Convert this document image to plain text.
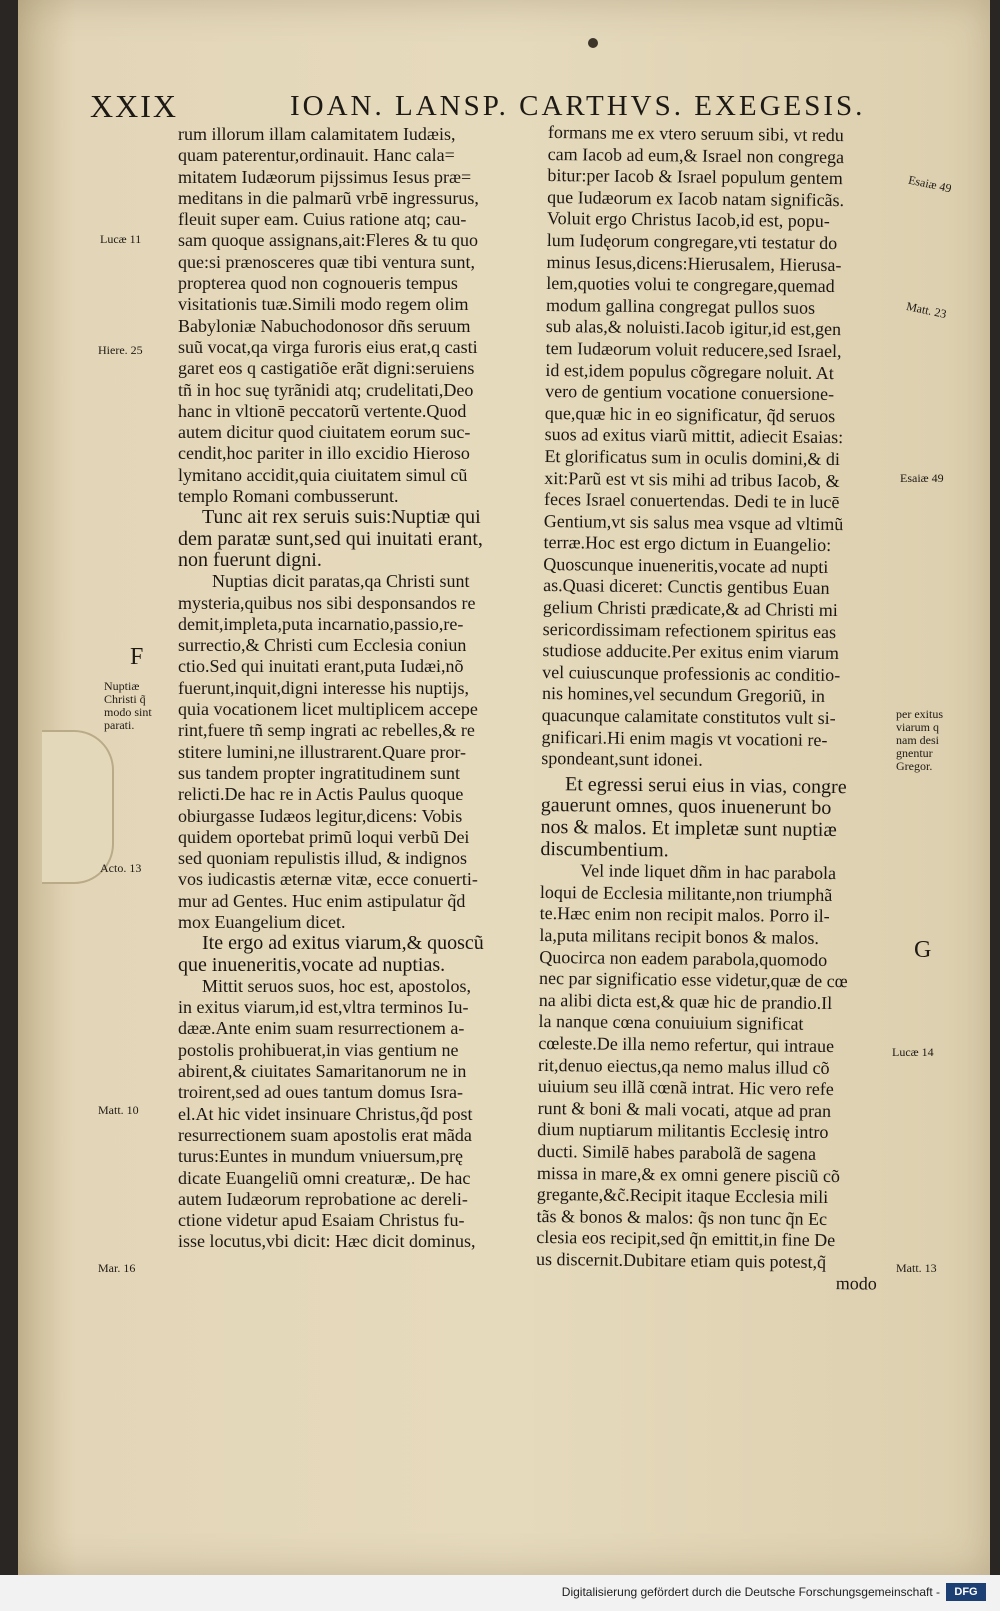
XXIX	IOAN. LANSP. CARTHVS. EXEGESIS.

rum illorum illam calamitatem Iudæis,

quam paterentur,ordinauit. Hanc cala=

mitatem Iudæorum pijssimus Iesus præ=

meditans in die palmarũ vrbē ingressurus,

fleuit super eam. Cuius ratione atq; cau-

sam quoque assignans,ait:Fleres & tu quo

que:si prænosceres quæ tibi ventura sunt,

propterea quod non cognoueris tempus

visitationis tuæ.Simili modo regem olim

Babyloniæ Nabuchodonosor dñs seruum

suũ vocat,qa virga furoris eius erat,q casti

garet eos q castigatiõe erãt digni:seruiens

tñ in hoc suę tyrãnidi atq; crudelitati,Deo

hanc in vltionē peccatorũ vertente.Quod

autem dicitur quod ciuitatem eorum suc-

cendit,hoc pariter in illo excidio Hieroso

lymitano accidit,quia ciuitatem simul cũ

templo Romani combusserunt.

Tunc ait rex seruis suis:Nuptiæ qui

dem paratæ sunt,sed qui inuitati erant,

non fuerunt digni.

Nuptias dicit paratas,qa Christi sunt

mysteria,quibus nos sibi desponsandos re

demit,impleta,puta incarnatio,passio,re-

surrectio,& Christi cum Ecclesia coniun

ctio.Sed qui inuitati erant,puta Iudæi,nõ

fuerunt,inquit,digni interesse his nuptijs,

quia vocationem licet multiplicem accepe

rint,fuere tñ semp ingrati ac rebelles,& re

stitere lumini,ne illustrarent.Quare pror-

sus tandem propter ingratitudinem sunt

relicti.De hac re in Actis Paulus quoque

obiurgasse Iudæos legitur,dicens: Vobis

quidem oportebat primũ loqui verbũ Dei

sed quoniam repulistis illud, & indignos

vos iudicastis æternæ vitæ, ecce conuerti-

mur ad Gentes. Huc enim astipulatur q̃d

mox Euangelium dicet.

Ite ergo ad exitus viarum,& quoscũ

que inueneritis,vocate ad nuptias.

Mittit seruos suos, hoc est, apostolos,

in exitus viarum,id est,vltra terminos Iu-

dææ.Ante enim suam resurrectionem a-

postolis prohibuerat,in vias gentium ne

abirent,& ciuitates Samaritanorum ne in

troirent,sed ad oues tantum domus Isra-

el.At hic videt insinuare Christus,q̃d post

resurrectionem suam apostolis erat mãda

turus:Euntes in mundum vniuersum,prę

dicate Euangeliũ omni creaturæ,. De hac

autem Iudæorum reprobatione ac dereli-

ctione videtur apud Esaiam Christus fu-

isse locutus,vbi dicit: Hæc dicit dominus,

formans me ex vtero seruum sibi, vt redu

cam Iacob ad eum,& Israel non congrega

bitur:per Iacob & Israel populum gentem

que Iudæorum ex Iacob natam significãs.

Voluit ergo Christus Iacob,id est, popu-

lum Iudęorum congregare,vti testatur do

minus Iesus,dicens:Hierusalem, Hierusa-

lem,quoties volui te congregare,quemad

modum gallina congregat pullos suos

sub alas,& noluisti.Iacob igitur,id est,gen

tem Iudæorum voluit reducere,sed Israel,

id est,idem populus cõgregare noluit. At

vero de gentium vocatione conuersione-

que,quæ hic in eo significatur, q̃d seruos

suos ad exitus viarũ mittit, adiecit Esaias:

Et glorificatus sum in oculis domini,& di

xit:Parũ est vt sis mihi ad tribus Iacob, &

feces Israel conuertendas. Dedi te in lucē

Gentium,vt sis salus mea vsque ad vltimũ

terræ.Hoc est ergo dictum in Euangelio:

Quoscunque inueneritis,vocate ad nupti

as.Quasi diceret: Cunctis gentibus Euan

gelium Christi prædicate,& ad Christi mi

sericordissimam refectionem spiritus eas

studiose adducite.Per exitus enim viarum

vel cuiuscunque professionis ac conditio-

nis homines,vel secundum Gregoriũ, in

quacunque calamitate constitutos vult si-

gnificari.Hi enim magis vt vocationi re-

spondeant,sunt idonei.

Et egressi serui eius in vias, congre

gauerunt omnes, quos inuenerunt bo

nos & malos. Et impletæ sunt nuptiæ

discumbentium.

Vel inde liquet dñm in hac parabola

loqui de Ecclesia militante,non triumphã

te.Hæc enim non recipit malos. Porro il-

la,puta militans recipit bonos & malos.

Quocirca non eadem parabola,quomodo

nec par significatio esse videtur,quæ de cœ

na alibi dicta est,& quæ hic de prandio.Il

la nanque cœna conuiuium significat

cœleste.De illa nemo refertur, qui intraue

rit,denuo eiectus,qa nemo malus illud cõ

uiuium seu illã cœnã intrat. Hic vero refe

runt & boni & mali vocati, atque ad pran

dium nuptiarum militantis Ecclesię intro

ducti. Similē habes parabolã de sagena

missa in mare,& ex omni genere pisciũ cõ

gregante,&c̃.Recipit itaque Ecclesia mili

tãs & bonos & malos: q̃s non tunc q̃n Ec

clesia eos recipit,sed q̃n emittit,in fine De

us discernit.Dubitare etiam quis potest,q̃

modo

Lucæ 11
Hiere. 25
F
Nuptiæ
Christi q̃
modo sint
parati.
Acto. 13
Matt. 10
Mar. 16
Esaiæ 49
Matt. 23
Esaiæ 49
per exitus
viarum q
nam desi
gnentur
Gregor.
G
Lucæ 14
Matt. 13
Digitalisierung gefördert durch die Deutsche Forschungsgemeinschaft -	DFG
